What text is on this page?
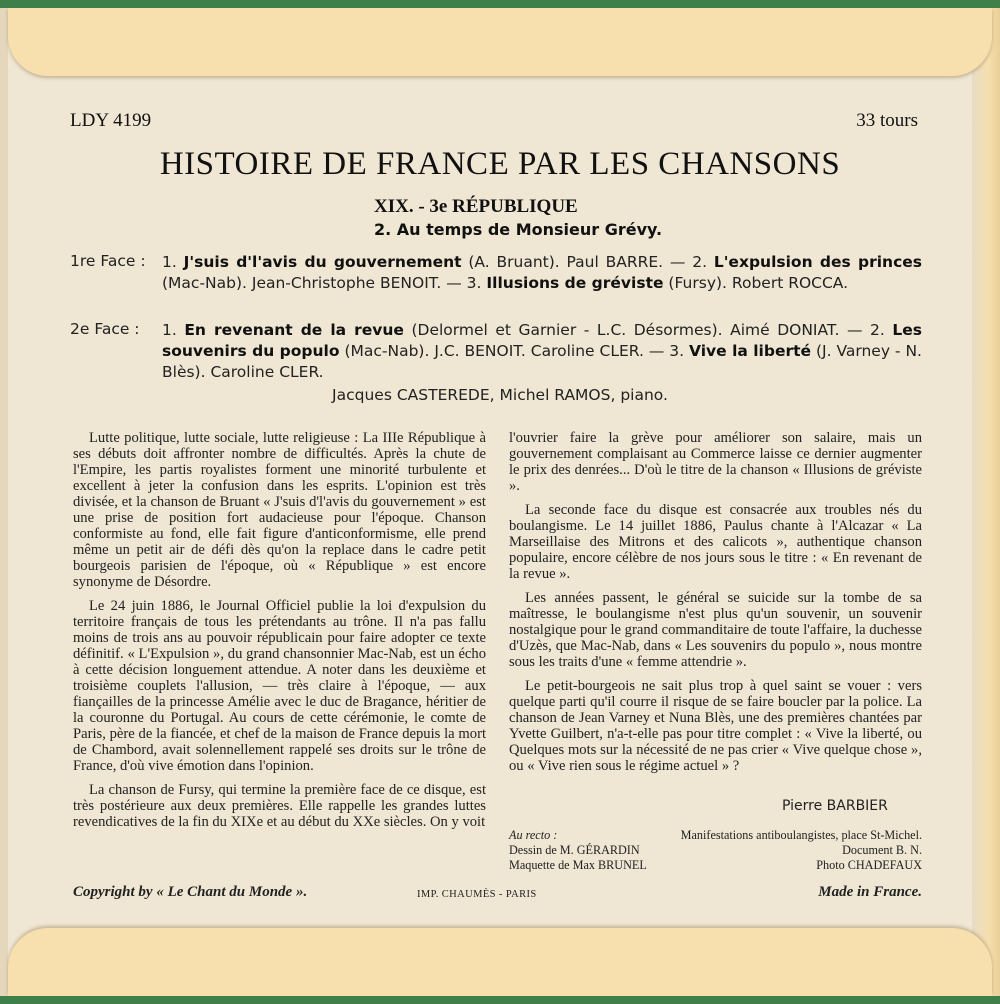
LDY 4199	33 tours
HISTOIRE DE FRANCE PAR LES CHANSONS
XIX. - 3e RÉPUBLIQUE
2. Au temps de Monsieur Grévy.
1re Face :	1. J'suis d'l'avis du gouvernement (A. Bruant). Paul BARRE. — 2. L'expulsion des princes (Mac-Nab). Jean-Christophe BENOIT. — 3. Illusions de gréviste (Fursy). Robert ROCCA.
2e Face :	1. En revenant de la revue (Delormel et Garnier - L.C. Désormes). Aimé DONIAT. — 2. Les souvenirs du populo (Mac-Nab). J.C. BENOIT. Caroline CLER. — 3. Vive la liberté (J. Varney - N. Blès). Caroline CLER.
Jacques CASTEREDE, Michel RAMOS, piano.

Lutte politique, lutte sociale, lutte religieuse : La IIIe République à ses débuts doit affronter nombre de difficultés. Après la chute de l'Empire, les partis royalistes forment une minorité turbulente et excellent à jeter la confusion dans les esprits. L'opinion est très divisée, et la chanson de Bruant « J'suis d'l'avis du gouvernement » est une prise de position fort audacieuse pour l'époque. Chanson conformiste au fond, elle fait figure d'anticonformisme, elle prend même un petit air de défi dès qu'on la replace dans le cadre petit bourgeois parisien de l'époque, où « République » est encore synonyme de Désordre.

Le 24 juin 1886, le Journal Officiel publie la loi d'expulsion du territoire français de tous les prétendants au trône. Il n'a pas fallu moins de trois ans au pouvoir républicain pour faire adopter ce texte définitif. « L'Expulsion », du grand chansonnier Mac-Nab, est un écho à cette décision longuement attendue. A noter dans les deuxième et troisième couplets l'allusion, — très claire à l'époque, — aux fiançailles de la princesse Amélie avec le duc de Bragance, héritier de la couronne du Portugal. Au cours de cette cérémonie, le comte de Paris, père de la fiancée, et chef de la maison de France depuis la mort de Chambord, avait solennellement rappelé ses droits sur le trône de France, d'où vive émotion dans l'opinion.

La chanson de Fursy, qui termine la première face de ce disque, est très postérieure aux deux premières. Elle rappelle les grandes luttes revendicatives de la fin du XIXe et au début du XXe siècles. On y voit

l'ouvrier faire la grève pour améliorer son salaire, mais un gouvernement complaisant au Commerce laisse ce dernier augmenter le prix des denrées... D'où le titre de la chanson « Illusions de gréviste ».

La seconde face du disque est consacrée aux troubles nés du boulangisme. Le 14 juillet 1886, Paulus chante à l'Alcazar « La Marseillaise des Mitrons et des calicots », authentique chanson populaire, encore célèbre de nos jours sous le titre : « En revenant de la revue ».

Les années passent, le général se suicide sur la tombe de sa maîtresse, le boulangisme n'est plus qu'un souvenir, un souvenir nostalgique pour le grand commanditaire de toute l'affaire, la duchesse d'Uzès, que Mac-Nab, dans « Les souvenirs du populo », nous montre sous les traits d'une « femme attendrie ».

Le petit-bourgeois ne sait plus trop à quel saint se vouer : vers quelque parti qu'il courre il risque de se faire boucler par la police. La chanson de Jean Varney et Nuna Blès, une des premières chantées par Yvette Guilbert, n'a-t-elle pas pour titre complet : « Vive la liberté, ou Quelques mots sur la nécessité de ne pas crier « Vive quelque chose », ou « Vive rien sous le régime actuel » ?

Pierre BARBIER
Au recto :	Manifestations antiboulangistes, place St-Michel.
Dessin de M. GÉRARDIN	Document B. N.
Maquette de Max BRUNEL	Photo CHADEFAUX
Copyright by « Le Chant du Monde ».	IMP. CHAUMÈS - PARIS	Made in France.
